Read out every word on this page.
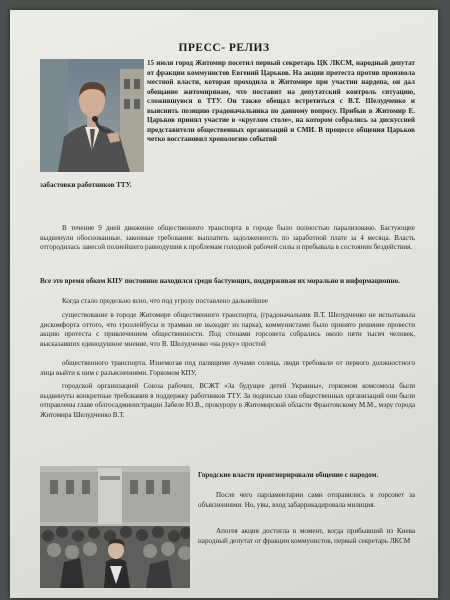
ПРЕСС- РЕЛИЗ

15 июля город Житомир посетил первый секретарь ЦК ЛКСМ, народный депутат от фракции коммунистов Евгений Царьков. На акции протеста против произвола местной власти, которая проходила в Житомире при участии нардепа, он дал обещание житомирянам, что поставит на депутатский контроль ситуацию, сложившуюся в ТТУ. Он также обещал встретиться с В.Т. Шелудченко и выяснить позицию градоначальника по данному вопросу. Прибыв в Житомир Е. Царьков принял участие в «круглом столе», на котором собрались за дискуссией представители общественных организаций и СМИ. В процессе общения Царьков четко восстановил хронологию событий

забастовки работников ТТУ.

В течение 9 дней движение общественного транспорта в городе было полностью парализовано. Бастующие выдвинули обоснованные, законные требования: выплатить задолженность по заработной плате за 4 месяца. Власть отгородилась завесой полнейшего равнодушия к проблемам голодной рабочей силы и пребывала в состоянии бездействия.

Все это время обком КПУ постоянно находился среди бастующих, поддерживая их морально и информационно.

Когда стало предельно ясно, что под угрозу поставлено дальнейшее

существование в городе Житомире общественного транспорта, (градоначальник В.Т. Шелудченко не испытывала дискомфорта оттого, что троллейбусы и трамваи не выходят из парка), коммунистами было принято решение провести акцию протеста с привлечением общественности. Под стенами горсовета собрались около пяти тысяч человек, высказавших единодушное мнение, что В. Шелудченко «на руку» простой

общественного транспорта. Изнемогая под палящими лучами солнца, люди требовали от первого должностного лица выйти к ним с разъяснениями. Горкомом КПУ,

городской организацией Союза рабочих, ВСЖТ «За будущее детей Украины», горкомом комсомола были выдвинуты конкретные требования в поддержку работников ТТУ. За подписью глав общественных организаций они были отправлены главе облгосадминистрации Забеле Ю.В., прокурору в Житомирской области Франтовскому М.М., мэру города Житомира Шелудченко В.Т.

Городские власти проигнорировали общение с народом.

После чего парламентарии сами отправились в горсовет за объяснениями. Но, увы, вход забаррикадировала милиция.

Апогея акция достигла в момент, когда прибывший из Киева народный депутат от фракции коммунистов, первый секретарь ЛКСМ
